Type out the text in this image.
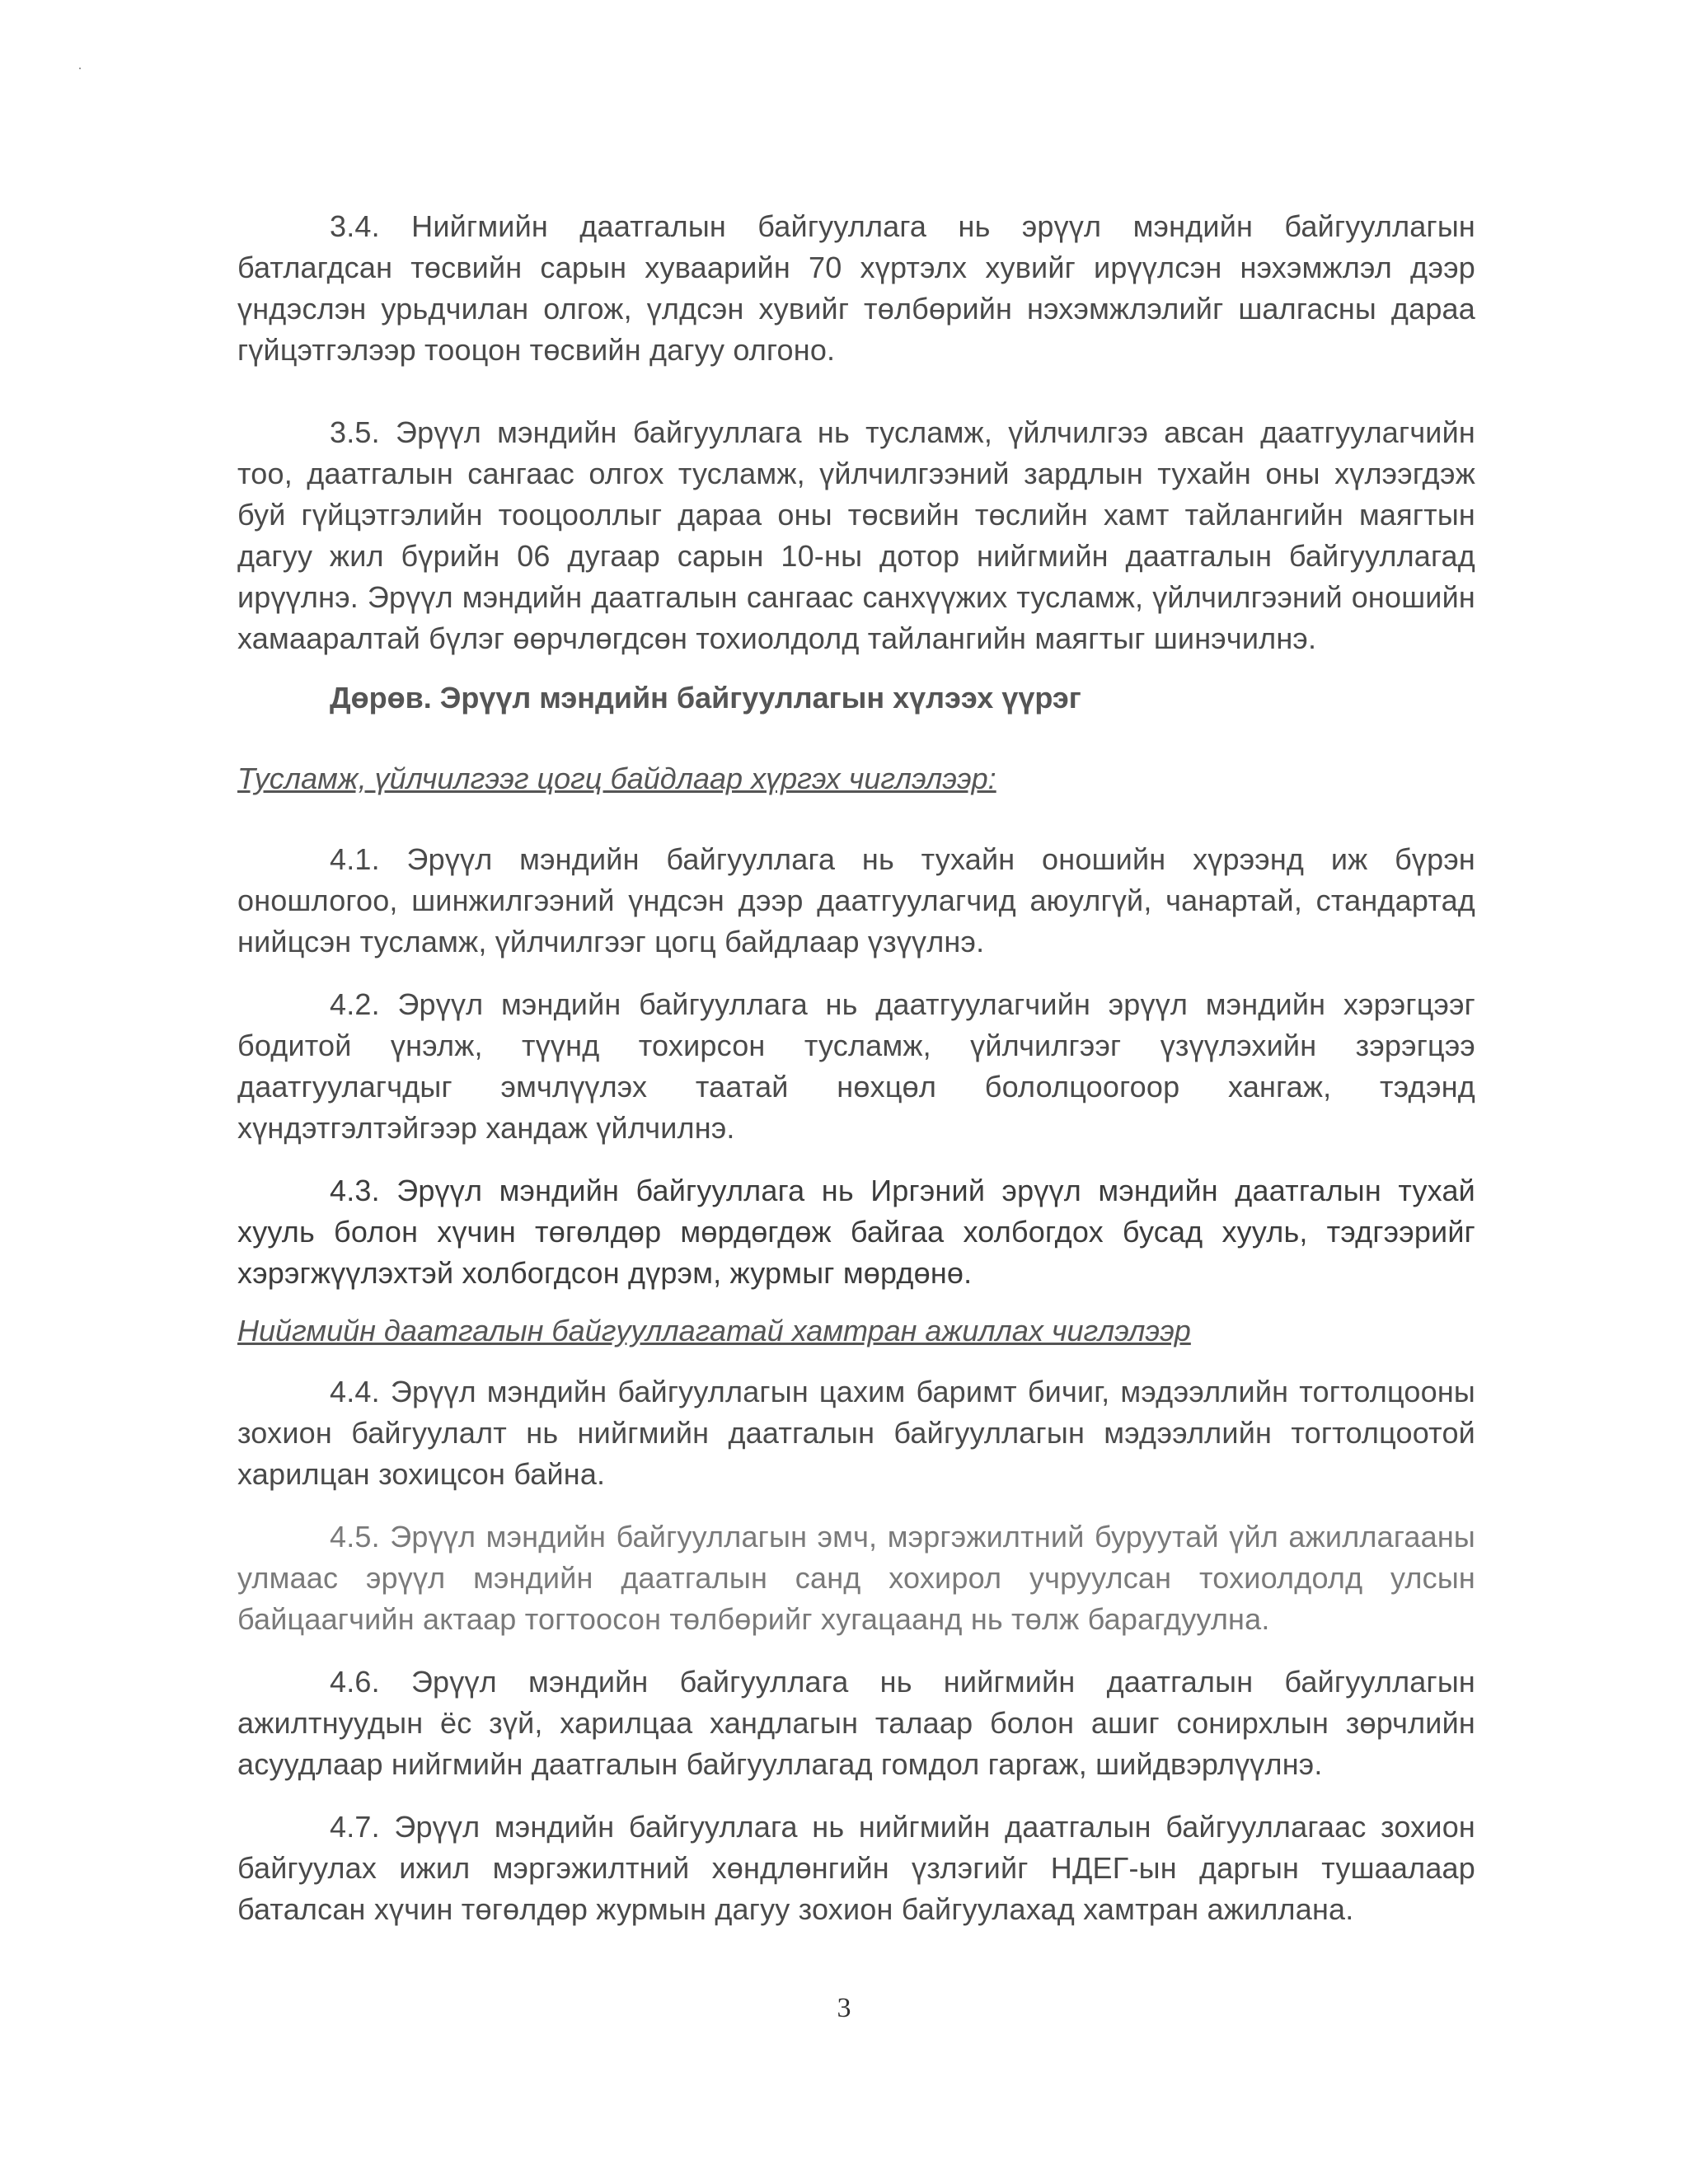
3.4. Нийгмийн даатгалын байгууллага нь эрүүл мэндийн байгууллагын батлагдсан төсвийн сарын хуваарийн 70 хүртэлх хувийг ирүүлсэн нэхэмжлэл дээр үндэслэн урьдчилан олгож, үлдсэн хувийг төлбөрийн нэхэмжлэлийг шалгасны дараа гүйцэтгэлээр тооцон төсвийн дагуу олгоно.

3.5. Эрүүл мэндийн байгууллага нь тусламж, үйлчилгээ авсан даатгуулагчийн тоо, даатгалын сангаас олгох тусламж, үйлчилгээний зардлын тухайн оны хүлээгдэж буй гүйцэтгэлийн тооцооллыг дараа оны төсвийн төслийн хамт тайлангийн маягтын дагуу жил бүрийн 06 дугаар сарын 10-ны дотор нийгмийн даатгалын байгууллагад ирүүлнэ. Эрүүл мэндийн даатгалын сангаас санхүүжих тусламж, үйлчилгээний оношийн хамааралтай бүлэг өөрчлөгдсөн тохиолдолд тайлангийн маягтыг шинэчилнэ.

Дөрөв. Эрүүл мэндийн байгууллагын хүлээх үүрэг

Тусламж, үйлчилгээг цогц байдлаар хүргэх чиглэлээр:

4.1. Эрүүл мэндийн байгууллага нь тухайн оношийн хүрээнд иж бүрэн оношлогоо, шинжилгээний үндсэн дээр даатгуулагчид аюулгүй, чанартай, стандартад нийцсэн тусламж, үйлчилгээг цогц байдлаар үзүүлнэ.

4.2. Эрүүл мэндийн байгууллага нь даатгуулагчийн эрүүл мэндийн хэрэгцээг бодитой үнэлж, түүнд тохирсон тусламж, үйлчилгээг үзүүлэхийн зэрэгцээ даатгуулагчдыг эмчлүүлэх таатай нөхцөл бололцоогоор хангаж, тэдэнд хүндэтгэлтэйгээр хандаж үйлчилнэ.

4.3. Эрүүл мэндийн байгууллага нь Иргэний эрүүл мэндийн даатгалын тухай хууль болон хүчин төгөлдөр мөрдөгдөж байгаа холбогдох бусад хууль, тэдгээрийг хэрэгжүүлэхтэй холбогдсон дүрэм, журмыг мөрдөнө.

Нийгмийн даатгалын байгууллагатай хамтран ажиллах чиглэлээр

4.4. Эрүүл мэндийн байгууллагын цахим баримт бичиг, мэдээллийн тогтолцооны зохион байгуулалт нь нийгмийн даатгалын байгууллагын мэдээллийн тогтолцоотой харилцан зохицсон байна.

4.5. Эрүүл мэндийн байгууллагын эмч, мэргэжилтний буруутай үйл ажиллагааны улмаас эрүүл мэндийн даатгалын санд хохирол учруулсан тохиолдолд улсын байцаагчийн актаар тогтоосон төлбөрийг хугацаанд нь төлж барагдуулна.

4.6. Эрүүл мэндийн байгууллага нь нийгмийн даатгалын байгууллагын ажилтнуудын ёс зүй, харилцаа хандлагын талаар болон ашиг сонирхлын зөрчлийн асуудлаар нийгмийн даатгалын байгууллагад гомдол гаргаж, шийдвэрлүүлнэ.

4.7. Эрүүл мэндийн байгууллага нь нийгмийн даатгалын байгууллагаас зохион байгуулах ижил мэргэжилтний хөндлөнгийн үзлэгийг НДЕГ-ын даргын тушаалаар баталсан хүчин төгөлдөр журмын дагуу зохион байгуулахад хамтран ажиллана.

3
